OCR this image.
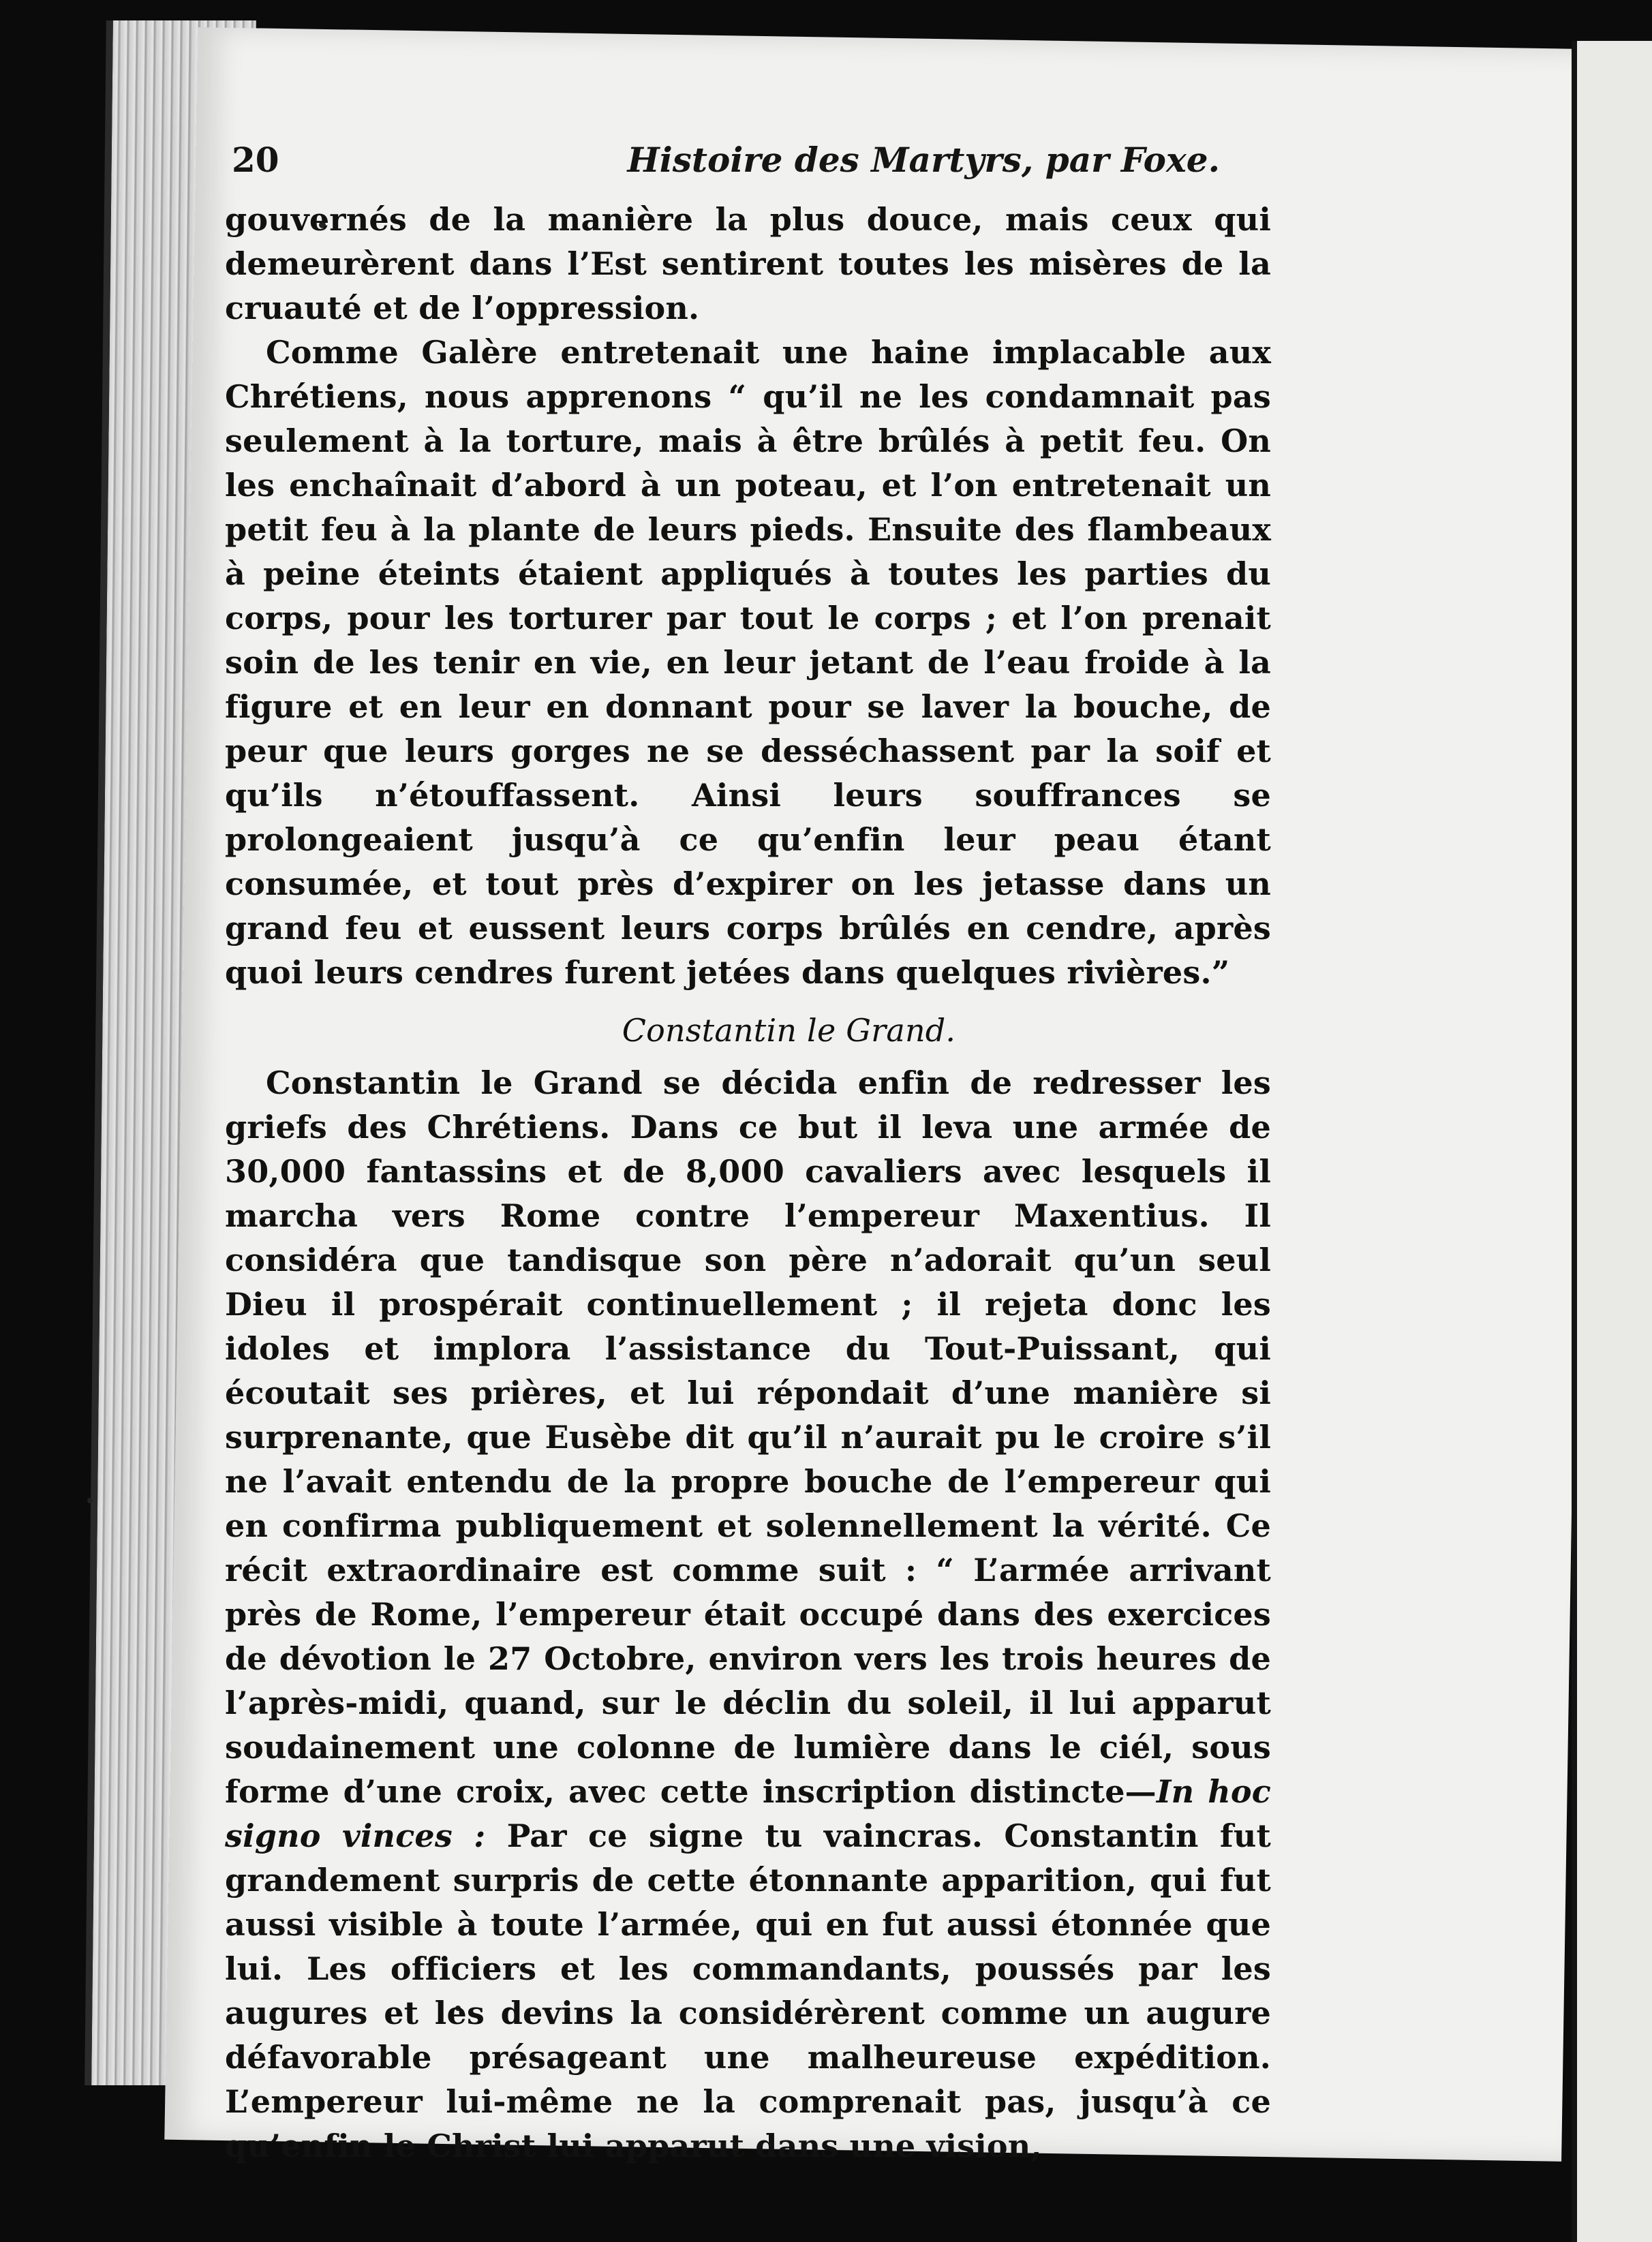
20	Histoire des Martyrs, par Foxe.

gouvernés de la manière la plus douce, mais ceux qui demeurèrent dans l’Est sentirent toutes les misères de la cruauté et de l’oppression.

Comme Galère entretenait une haine implacable aux Chrétiens, nous apprenons “ qu’il ne les condamnait pas seulement à la torture, mais à être brûlés à petit feu. On les enchaînait d’abord à un poteau, et l’on entretenait un petit feu à la plante de leurs pieds. Ensuite des flambeaux à peine éteints étaient appliqués à toutes les parties du corps, pour les torturer par tout le corps ; et l’on prenait soin de les tenir en vie, en leur jetant de l’eau froide à la figure et en leur en donnant pour se laver la bouche, de peur que leurs gorges ne se desséchassent par la soif et qu’ils n’étouffassent. Ainsi leurs souffrances se prolongeaient jusqu’à ce qu’enfin leur peau étant consumée, et tout près d’expirer on les jetasse dans un grand feu et eussent leurs corps brûlés en cendre, après quoi leurs cendres furent jetées dans quelques rivières.”

Constantin le Grand.

Constantin le Grand se décida enfin de redresser les griefs des Chrétiens. Dans ce but il leva une armée de 30,000 fantassins et de 8,000 cavaliers avec lesquels il marcha vers Rome contre l’empereur Maxentius. Il considéra que tandisque son père n’adorait qu’un seul Dieu il prospérait continuellement ; il rejeta donc les idoles et implora l’assistance du Tout-Puissant, qui écoutait ses prières, et lui répondait d’une manière si surprenante, que Eusèbe dit qu’il n’aurait pu le croire s’il ne l’avait entendu de la propre bouche de l’empereur qui en confirma publiquement et solennellement la vérité. Ce récit extraordinaire est comme suit : “ L’armée arrivant près de Rome, l’empereur était occupé dans des exercices de dévotion le 27 Octobre, environ vers les trois heures de l’après-midi, quand, sur le déclin du soleil, il lui apparut soudainement une colonne de lumière dans le ciél, sous forme d’une croix, avec cette inscription distincte—In hoc signo vinces : Par ce signe tu vaincras. Constantin fut grandement surpris de cette étonnante apparition, qui fut aussi visible à toute l’armée, qui en fut aussi étonnée que lui. Les officiers et les commandants, poussés par les augures et les devins la considérèrent comme un augure défavorable présageant une malheureuse expédition. L’empereur lui-même ne la comprenait pas, jusqu’à ce qu’enfin le Christ lui apparut dans une vision,
